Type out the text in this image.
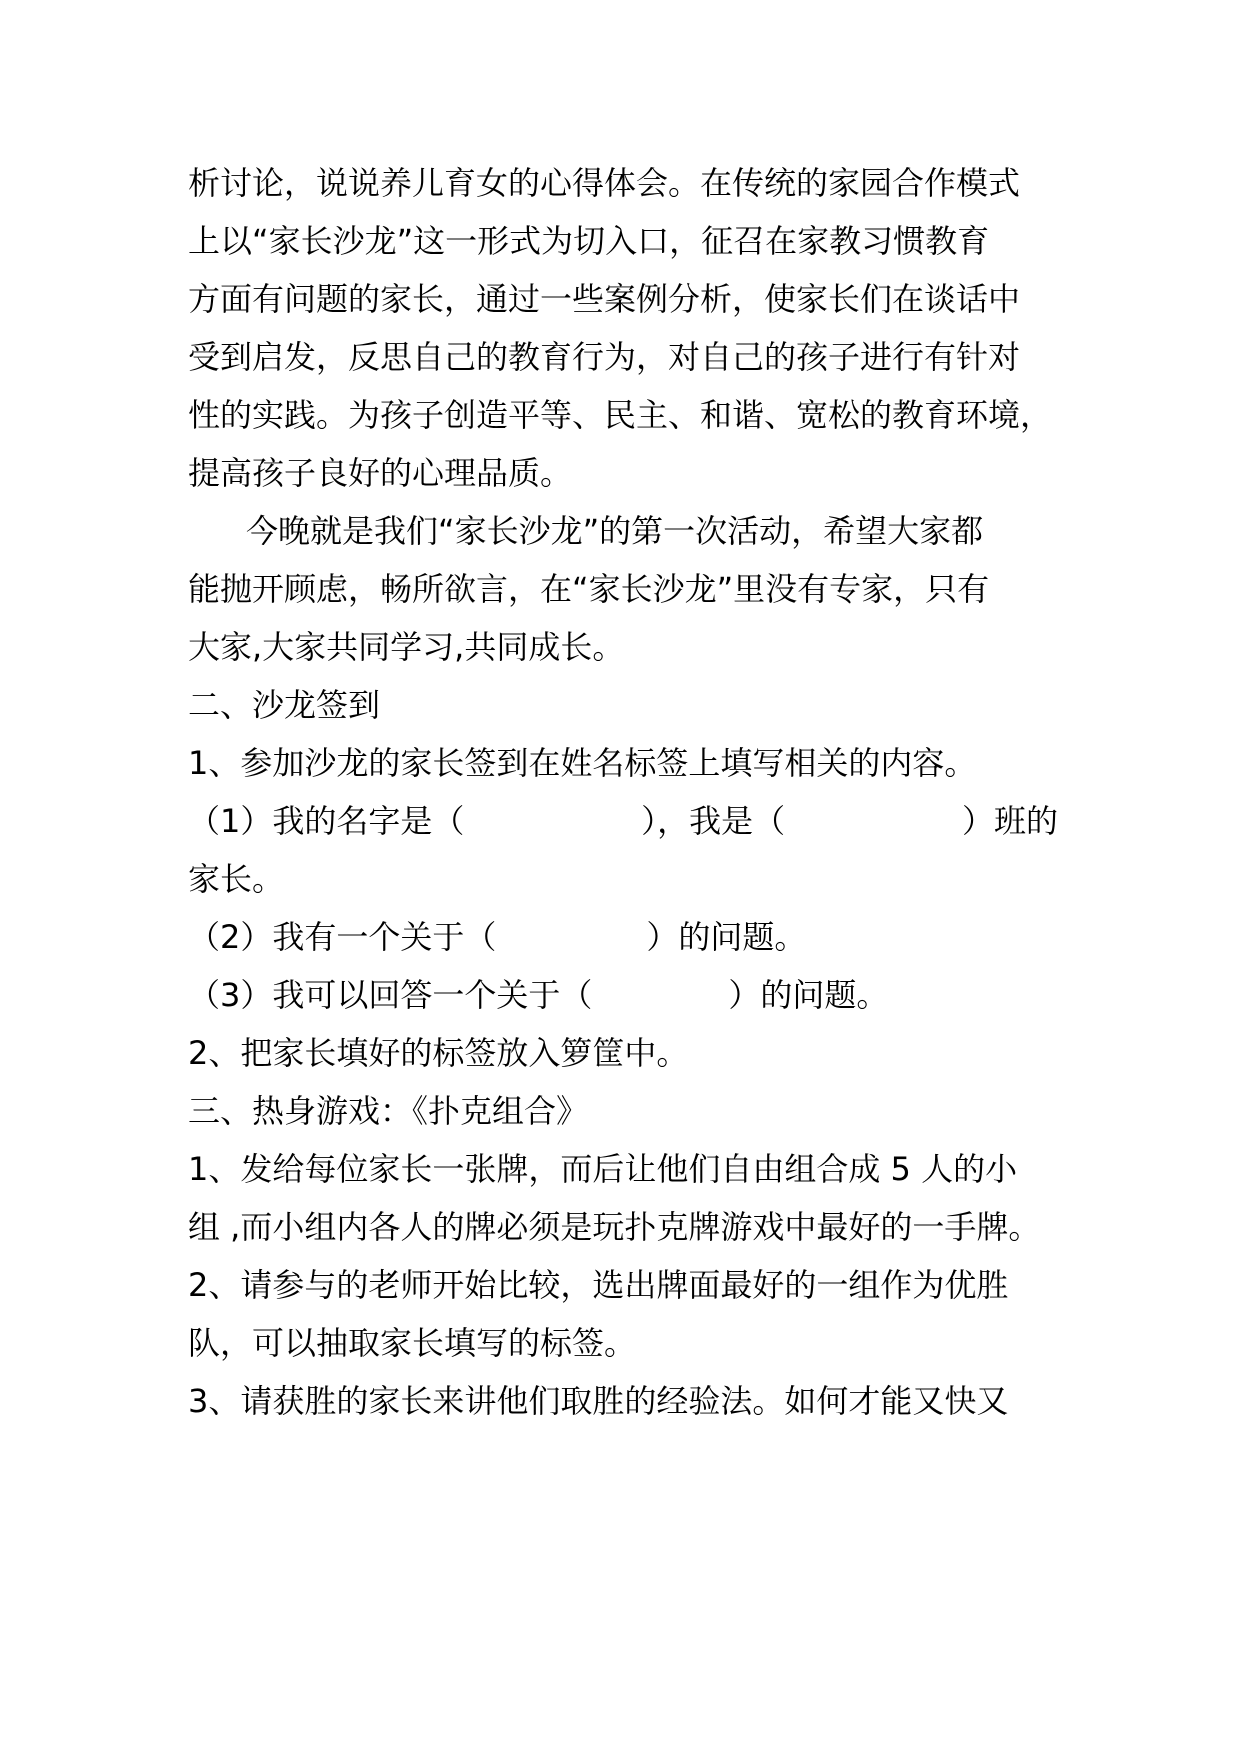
析讨论，说说养儿育女的心得体会。在传统的家园合作模式
上以“家长沙龙”这一形式为切入口，征召在家教习惯教育
方面有问题的家长，通过一些案例分析，使家长们在谈话中
受到启发，反思自己的教育行为，对自己的孩子进行有针对
性的实践。为孩子创造平等、民主、和谐、宽松的教育环境，
提高孩子良好的心理品质。
今晚就是我们“家长沙龙”的第一次活动，希望大家都
能抛开顾虑，畅所欲言，在“家长沙龙”里没有专家，只有
大家,大家共同学习,共同成长。
二、沙龙签到
1、参加沙龙的家长签到在姓名标签上填写相关的内容。
（1）我的名字是（	），我是（	）班的
家长。
（2）我有一个关于（	）的问题。
（3）我可以回答一个关于（	）的问题。
2、把家长填好的标签放入箩筐中。
三、热身游戏：《扑克组合》
1、发给每位家长一张牌，而后让他们自由组合成 5 人的小
组 ,而小组内各人的牌必须是玩扑克牌游戏中最好的一手牌。
2、请参与的老师开始比较，选出牌面最好的一组作为优胜
队，可以抽取家长填写的标签。
3、请获胜的家长来讲他们取胜的经验法。如何才能又快又
